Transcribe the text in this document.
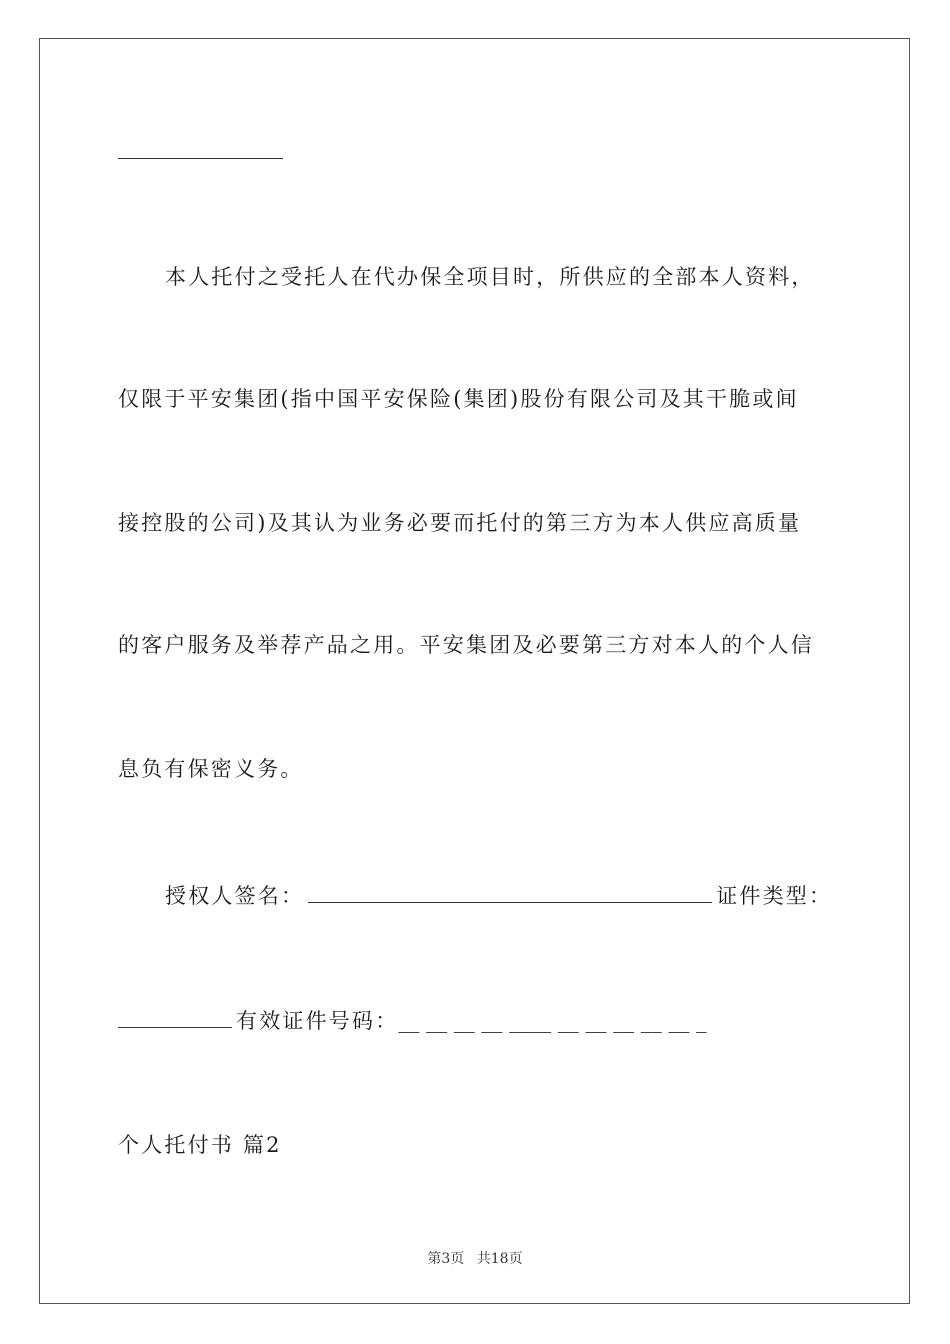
本人托付之受托人在代办保全项目时，所供应的全部本人资料，
仅限于平安集团(指中国平安保险(集团)股份有限公司及其干脆或间
接控股的公司)及其认为业务必要而托付的第三方为本人供应高质量
的客户服务及举荐产品之用。平安集团及必要第三方对本人的个人信
息负有保密义务。
授权人签名：	证件类型：
有效证件号码：__ __ __ __ ____ __ __ __ __ __ _
个人托付书 篇2
第3页 共18页
